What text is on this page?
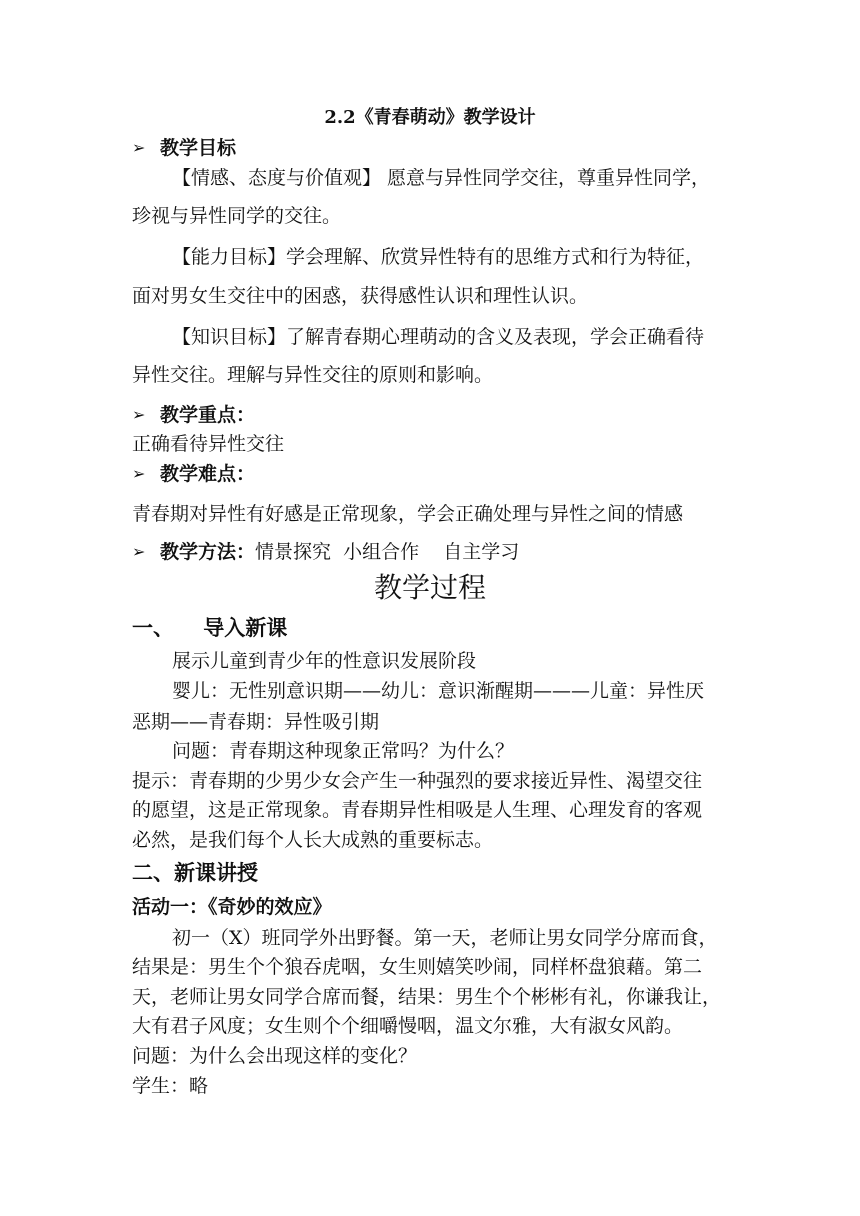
2.2《青春萌动》教学设计
➢ 教学目标
【情感、态度与价值观】 愿意与异性同学交往，尊重异性同学，
珍视与异性同学的交往。
【能力目标】学会理解、欣赏异性特有的思维方式和行为特征，
面对男女生交往中的困惑，获得感性认识和理性认识。
【知识目标】了解青春期心理萌动的含义及表现，学会正确看待
异性交往。理解与异性交往的原则和影响。
➢ 教学重点：
正确看待异性交往
➢ 教学难点：
青春期对异性有好感是正常现象，学会正确处理与异性之间的情感
➢ 教学方法：情景探究  小组合作    自主学习
教学过程
一、    导入新课
展示儿童到青少年的性意识发展阶段
婴儿：无性别意识期——幼儿：意识渐醒期———儿童：异性厌
恶期——青春期：异性吸引期
问题：青春期这种现象正常吗？为什么？
提示：青春期的少男少女会产生一种强烈的要求接近异性、渴望交往
的愿望，这是正常现象。青春期异性相吸是人生理、心理发育的客观
必然，是我们每个人长大成熟的重要标志。
二、新课讲授
活动一：《奇妙的效应》
初一（X）班同学外出野餐。第一天，老师让男女同学分席而食，
结果是：男生个个狼吞虎咽，女生则嬉笑吵闹，同样杯盘狼藉。第二
天，老师让男女同学合席而餐，结果：男生个个彬彬有礼，你谦我让，
大有君子风度；女生则个个细嚼慢咽，温文尔雅，大有淑女风韵。
问题：为什么会出现这样的变化？
学生：略
